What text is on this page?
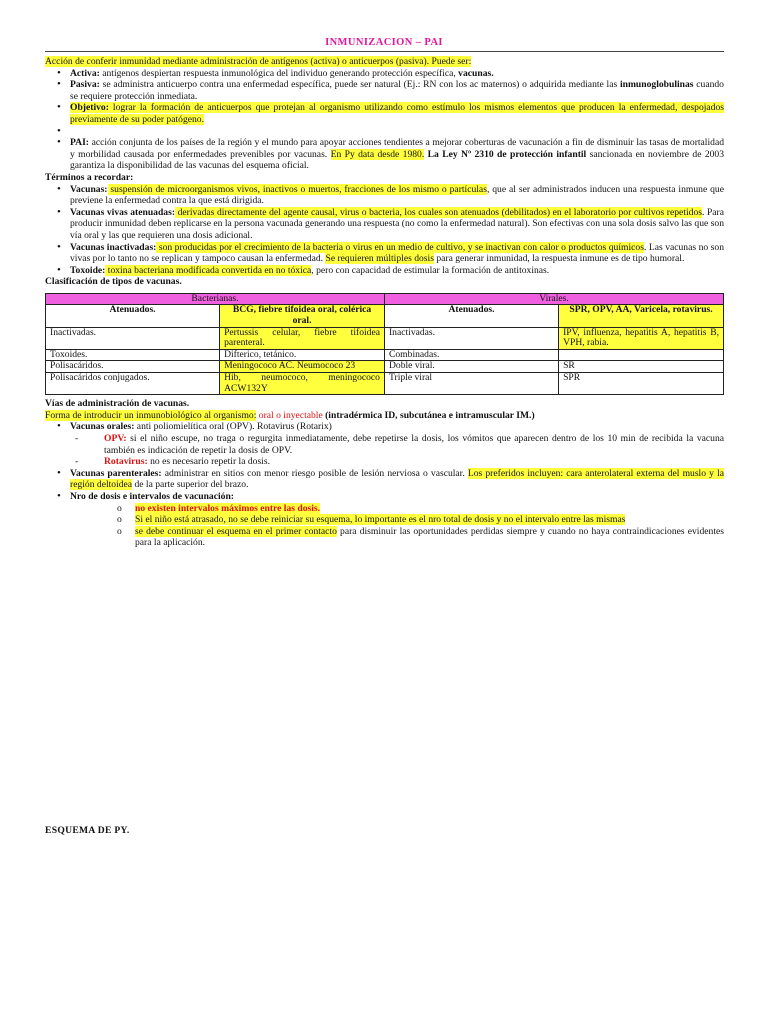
INMUNIZACION – PAI

Acción de conferir inmunidad mediante administración de antígenos (activa) o anticuerpos (pasiva). Puede ser:

• Activa: antígenos despiertan respuesta inmunológica del individuo generando protección específica, vacunas.
• Pasiva: se administra anticuerpo contra una enfermedad específica, puede ser natural (Ej.: RN con los ac maternos) o adquirida mediante las inmunoglobulinas cuando se requiere protección inmediata.
• Objetivo: lograr la formación de anticuerpos que protejan al organismo utilizando como estímulo los mismos elementos que producen la enfermedad, despojados previamente de su poder patógeno.
•
• PAI: acción conjunta de los países de la región y el mundo para apoyar acciones tendientes a mejorar coberturas de vacunación a fin de disminuir las tasas de mortalidad y morbilidad causada por enfermedades prevenibles por vacunas. En Py data desde 1980. La Ley Nº 2310 de protección infantil sancionada en noviembre de 2003 garantiza la disponibilidad de las vacunas del esquema oficial.

Términos a recordar:

• Vacunas: suspensión de microorganismos vivos, inactivos o muertos, fracciones de los mismo o partículas, que al ser administrados inducen una respuesta inmune que previene la enfermedad contra la que está dirigida.
• Vacunas vivas atenuadas: derivadas directamente del agente causal, virus o bacteria, los cuales son atenuados (debilitados) en el laboratorio por cultivos repetidos. Para producir inmunidad deben replicarse en la persona vacunada generando una respuesta (no como la enfermedad natural). Son efectivas con una sola dosis salvo las que son vía oral y las que requieren una dosis adicional.
• Vacunas inactivadas: son producidas por el crecimiento de la bacteria o virus en un medio de cultivo, y se inactivan con calor o productos químicos. Las vacunas no son vivas por lo tanto no se replican y tampoco causan la enfermedad. Se requieren múltiples dosis para generar inmunidad, la respuesta inmune es de tipo humoral.
• Toxoide: toxina bacteriana modificada convertida en no tóxica, pero con capacidad de estimular la formación de antitoxinas.

Clasificación de tipos de vacunas.

Bacterianas.		Virales.	
Atenuados.	BCG, fiebre tifoidea oral, colérica oral.	Atenuados.	SPR, OPV, AA, Varicela, rotavirus.
Inactivadas.	Pertussis celular, fiebre tifoidea parenteral.	Inactivadas.	IPV, influenza, hepatitis A, hepatitis B, VPH, rabia.
Toxoides.	Difterico, tetánico.	Combinadas.	
Polisacáridos.	Meningococo AC. Neumococo 23	Doble viral.	SR
Polisacáridos conjugados.	Hib, neumococo, meningococo ACW132Y	Triple viral	SPR

Vías de administración de vacunas.

Forma de introducir un inmunobiológico al organismo: oral o inyectable (intradérmica ID, subcutánea e intramuscular IM.)

• Vacunas orales: anti poliomielítica oral (OPV). Rotavirus (Rotarix)
- OPV: si el niño escupe, no traga o regurgita inmediatamente, debe repetirse la dosis, los vómitos que aparecen dentro de los 10 min de recibida la vacuna también es indicación de repetir la dosis de OPV.
- Rotavirus: no es necesario repetir la dosis.
• Vacunas parenterales: administrar en sitios con menor riesgo posible de lesión nerviosa o vascular. Los preferidos incluyen: cara anterolateral externa del muslo y la región deltoidea de la parte superior del brazo.
• Nro de dosis e intervalos de vacunación:
o no existen intervalos máximos entre las dosis.
o Si el niño está atrasado, no se debe reiniciar su esquema, lo importante es el nro total de dosis y no el intervalo entre las mismas
o se debe continuar el esquema en el primer contacto para disminuir las oportunidades perdidas siempre y cuando no haya contraindicaciones evidentes para la aplicación.
ESQUEMA DE PY.
